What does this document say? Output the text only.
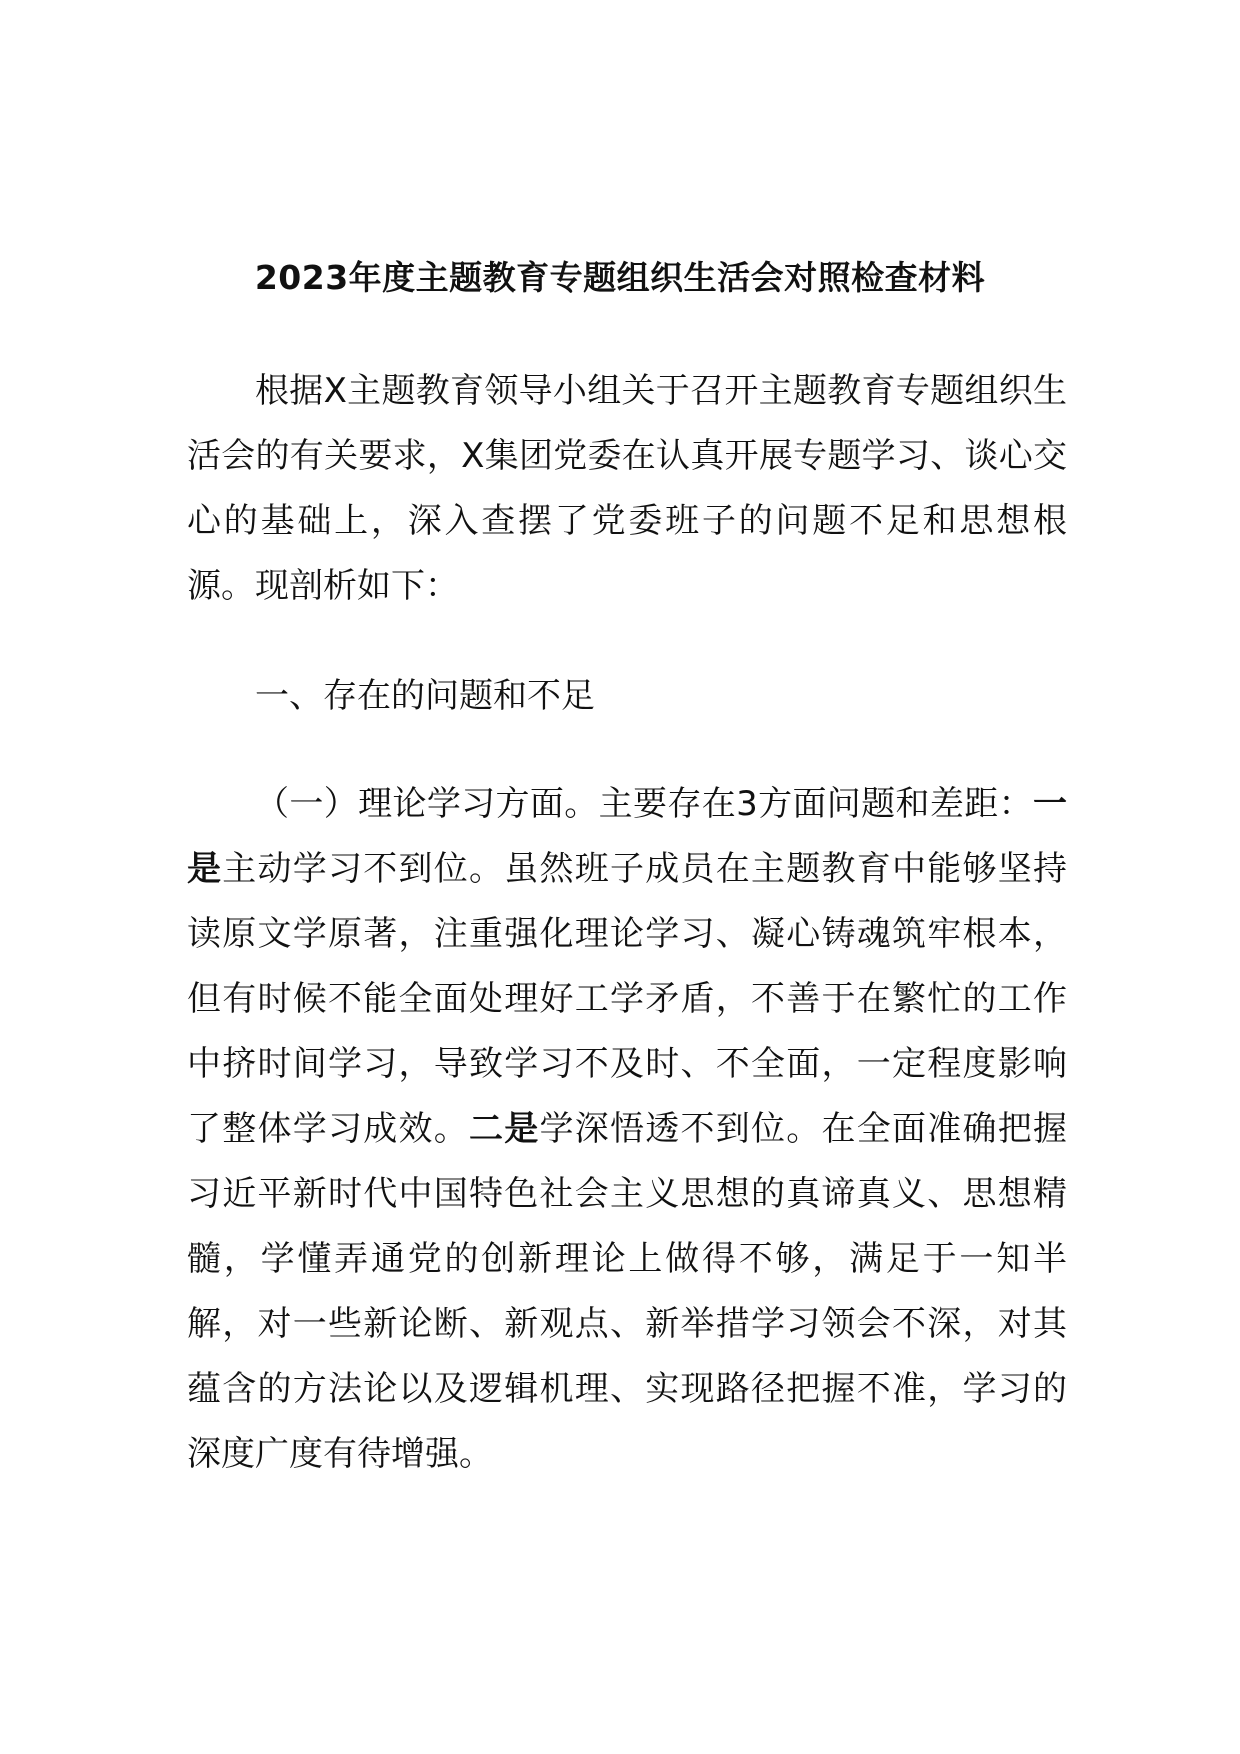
2023年度主题教育专题组织生活会对照检查材料
根据X主题教育领导小组关于召开主题教育专题组织生活会的有关要求，X集团党委在认真开展专题学习、谈心交心的基础上，深入查摆了党委班子的问题不足和思想根源。现剖析如下：
一、存在的问题和不足
（一）理论学习方面。主要存在3方面问题和差距：一是主动学习不到位。虽然班子成员在主题教育中能够坚持读原文学原著，注重强化理论学习、凝心铸魂筑牢根本，但有时候不能全面处理好工学矛盾，不善于在繁忙的工作中挤时间学习，导致学习不及时、不全面，一定程度影响了整体学习成效。二是学深悟透不到位。在全面准确把握习近平新时代中国特色社会主义思想的真谛真义、思想精髓，学懂弄通党的创新理论上做得不够，满足于一知半解，对一些新论断、新观点、新举措学习领会不深，对其蕴含的方法论以及逻辑机理、实现路径把握不准，学习的深度广度有待增强。
